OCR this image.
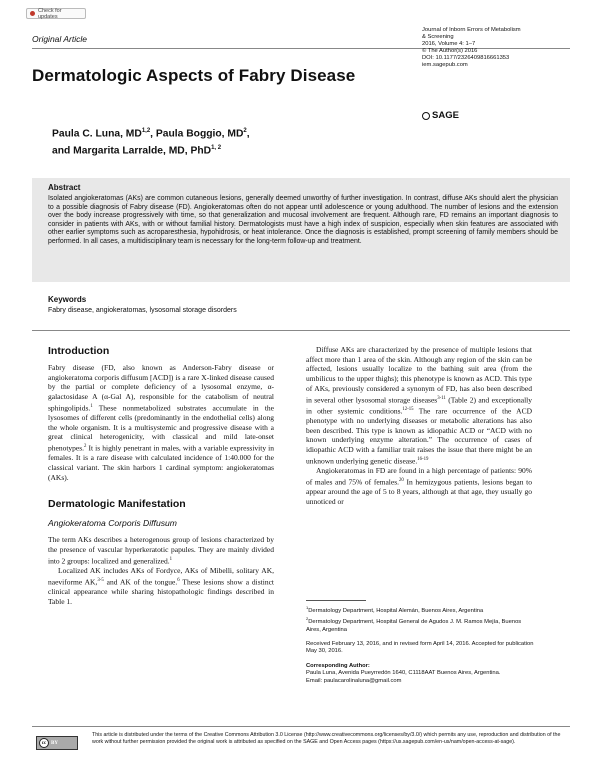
Check for updates
Original Article
Dermatologic Aspects of Fabry Disease
Journal of Inborn Errors of Metabolism
& Screening
2016, Volume 4: 1–7
© The Author(s) 2016
DOI: 10.1177/2326409816661353
iem.sagepub.com
SAGE
Paula C. Luna, MD$^{1,2}$, Paula Boggio, $MD^2$,
and Margarita Larralde, MD, PhD$^{1, 2}$
Abstract
Isolated angiokeratomas (AKs) are common cutaneous lesions, generally deemed unworthy of further investigation. In contrast, diffuse AKs should alert the physician to a possible diagnosis of Fabry disease (FD). Angiokeratomas often do not appear until adolescence or young adulthood. The number of lesions and the extension over the body increase progressively with time, so that generalization and mucosal involvement are frequent. Although rare, FD remains an important diagnosis to consider in patients with AKs, with or without familial history. Dermatologists must have a high index of suspicion, especially when skin features are associated with other earlier symptoms such as acroparesthesia, hypohidrosis, or heat intolerance. Once the diagnosis is established, prompt screening of family members should be performed. In all cases, a multidisciplinary team is necessary for the long-term follow-up and treatment.
Keywords
Fabry disease, angiokeratomas, lysosomal storage disorders
Introduction

Fabry disease (FD, also known as Anderson-Fabry disease or angiokeratoma corporis diffusum [ACD]) is a rare X-linked disease caused by the partial or complete deficiency of a lysosomal enzyme, α-galactosidase A (α-Gal A), responsible for the catabolism of neutral sphingolipids.$^1$ These nonmetabolized substrates accumulate in the lysosomes of different cells (predominantly in the endothelial cells) along the whole organism. It is a multisystemic and progressive disease with a great clinical heterogenicity, with classical and mild late-onset phenotypes.$^2$ It is highly penetrant in males, with a variable expressivity in females. It is a rare disease with calculated incidence of 1:40.000 for the classical variant. The skin harbors 1 cardinal symptom: angiokeratomas (AKs).

Dermatologic Manifestation
Angiokeratoma Corporis Diffusum

The term AKs describes a heterogenous group of lesions characterized by the presence of vascular hyperkeratotic papules. They are mainly divided into 2 groups: localized and generalized.$^1$

Localized AK includes AKs of Fordyce, AKs of Mibelli, solitary AK, naeviforme AK,$^{3-5}$ and AK of the tongue.$^6$ These lesions show a distinct clinical appearance while sharing histopathologic findings described in Table 1.

Diffuse AKs are characterized by the presence of multiple lesions that affect more than 1 area of the skin. Although any region of the skin can be affected, lesions usually localize to the bathing suit area (from the umbilicus to the upper thighs); this phenotype is known as ACD. This type of AKs, previously considered a synonym of FD, has also been described in several other lysosomal storage diseases$^{3-11}$ (Table 2) and exceptionally in other systemic conditions.$^{12-15}$ The rare occurrence of the ACD phenotype with no underlying diseases or metabolic alterations has also been described. This type is known as idiopathic ACD or “ACD with no known underlying enzyme alteration.” The occurrence of cases of idiopathic ACD with a familiar trait raises the issue that there might be an unknown underlying genetic disease.$^{16-19}$

Angiokeratomas in FD are found in a high percentage of patients: 90% of males and 75% of females.$^{20}$ In hemizygous patients, lesions began to appear around the age of 5 to 8 years, although at that age, they usually go unnoticed or

$^1$Dermatology Department, Hospital Alemán, Buenos Aires, Argentina
$^2$Dermatology Department, Hospital General de Agudos J. M. Ramos Mejía, Buenos Aires, Argentina
Received February 13, 2016, and in revised form April 14, 2016. Accepted for publication May 30, 2016.
Corresponding Author:
Paula Luna, Avenida Pueyrredón 1640, C1118AAT Buenos Aires, Argentina.
Email: paulacarolinaluna@gmail.com
cc BY
This article is distributed under the terms of the Creative Commons Attribution 3.0 License (http://www.creativecommons.org/licenses/by/3.0/) which permits any use, reproduction and distribution of the work without further permission provided the original work is attributed as specified on the SAGE and Open Access pages (https://us.sagepub.com/en-us/nam/open-access-at-sage).
